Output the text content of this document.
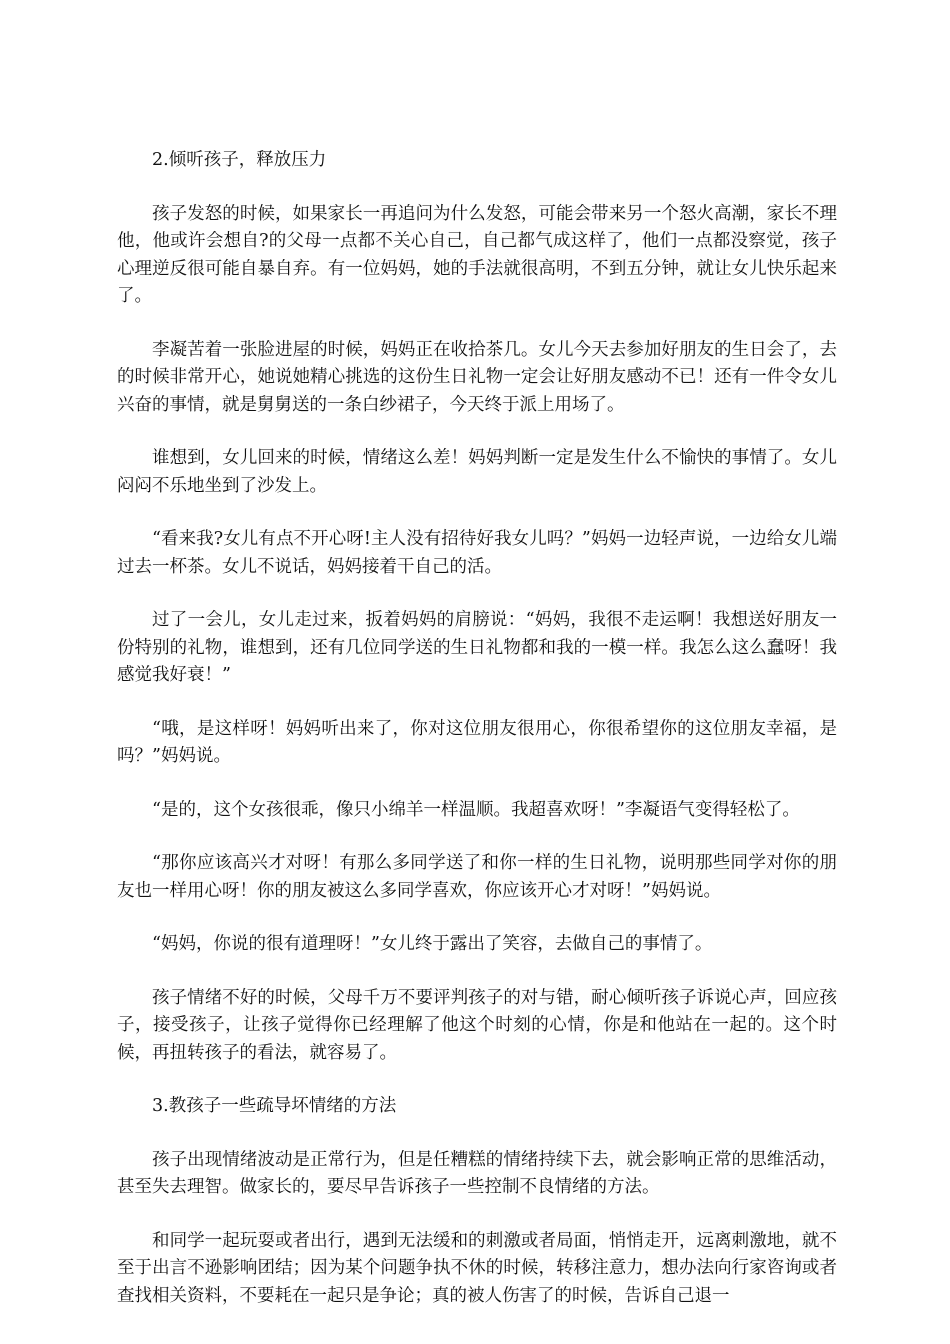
2.倾听孩子，释放压力

孩子发怒的时候，如果家长一再追问为什么发怒，可能会带来另一个怒火高潮，家长不理他，他或许会想自?的父母一点都不关心自己，自己都气成这样了，他们一点都没察觉，孩子心理逆反很可能自暴自弃。有一位妈妈，她的手法就很高明，不到五分钟，就让女儿快乐起来了。

李凝苦着一张脸进屋的时候，妈妈正在收拾茶几。女儿今天去参加好朋友的生日会了，去的时候非常开心，她说她精心挑选的这份生日礼物一定会让好朋友感动不已！还有一件令女儿兴奋的事情，就是舅舅送的一条白纱裙子，今天终于派上用场了。

谁想到，女儿回来的时候，情绪这么差！妈妈判断一定是发生什么不愉快的事情了。女儿闷闷不乐地坐到了沙发上。

“看来我?女儿有点不开心呀!主人没有招待好我女儿吗？”妈妈一边轻声说，一边给女儿端过去一杯茶。女儿不说话，妈妈接着干自己的活。

过了一会儿，女儿走过来，扳着妈妈的肩膀说：“妈妈，我很不走运啊！我想送好朋友一份特别的礼物，谁想到，还有几位同学送的生日礼物都和我的一模一样。我怎么这么蠢呀！我感觉我好衰！”

“哦，是这样呀！妈妈听出来了，你对这位朋友很用心，你很希望你的这位朋友幸福，是吗？”妈妈说。

“是的，这个女孩很乖，像只小绵羊一样温顺。我超喜欢呀！”李凝语气变得轻松了。

“那你应该高兴才对呀！有那么多同学送了和你一样的生日礼物，说明那些同学对你的朋友也一样用心呀！你的朋友被这么多同学喜欢，你应该开心才对呀！”妈妈说。

“妈妈，你说的很有道理呀！”女儿终于露出了笑容，去做自己的事情了。

孩子情绪不好的时候，父母千万不要评判孩子的对与错，耐心倾听孩子诉说心声，回应孩子，接受孩子，让孩子觉得你已经理解了他这个时刻的心情，你是和他站在一起的。这个时候，再扭转孩子的看法，就容易了。

3.教孩子一些疏导坏情绪的方法

孩子出现情绪波动是正常行为，但是任糟糕的情绪持续下去，就会影响正常的思维活动，甚至失去理智。做家长的，要尽早告诉孩子一些控制不良情绪的方法。

和同学一起玩耍或者出行，遇到无法缓和的刺激或者局面，悄悄走开，远离刺激地，就不至于出言不逊影响团结；因为某个问题争执不休的时候，转移注意力，想办法向行家咨询或者查找相关资料，不要耗在一起只是争论；真的被人伤害了的时候，告诉自己退一
